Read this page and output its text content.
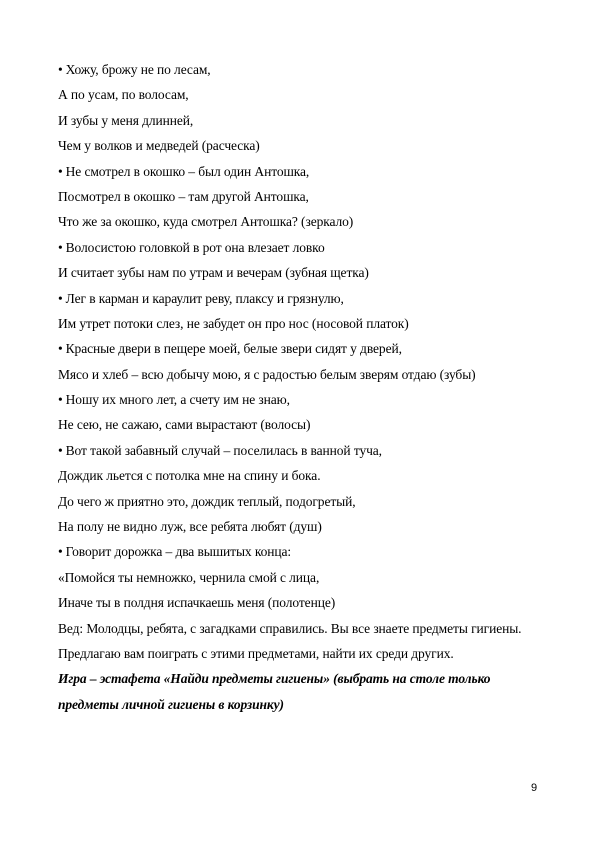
• Хожу, брожу не по лесам,
А по усам, по волосам,
И зубы у меня длинней,
Чем у волков и медведей (расческа)
• Не смотрел в окошко – был один Антошка,
Посмотрел в окошко – там другой Антошка,
Что же за окошко, куда смотрел Антошка? (зеркало)
• Волосистою головкой в рот она влезает ловко
И считает зубы нам по утрам и вечерам (зубная щетка)
• Лег в карман и караулит реву, плаксу и грязнулю,
Им утрет потоки слез, не забудет он про нос (носовой платок)
• Красные двери в пещере моей, белые звери сидят у дверей,
Мясо и хлеб – всю добычу мою, я с радостью белым зверям отдаю (зубы)
• Ношу их много лет, а счету им не знаю,
Не сею, не сажаю, сами вырастают (волосы)
• Вот такой забавный случай – поселилась в ванной туча,
Дождик льется с потолка мне на спину и бока.
До чего ж приятно это, дождик теплый, подогретый,
На полу не видно луж, все ребята любят (душ)
• Говорит дорожка – два вышитых конца:
«Помойся ты немножко, чернила смой с лица,
Иначе ты в полдня испачкаешь меня (полотенце)
Вед: Молодцы, ребята, с загадками справились. Вы все знаете предметы гигиены.
Предлагаю вам поиграть с этими предметами, найти их среди других.
Игра – эстафета «Найди предметы гигиены» (выбрать на столе только
предметы личной гигиены в корзинку)
9
